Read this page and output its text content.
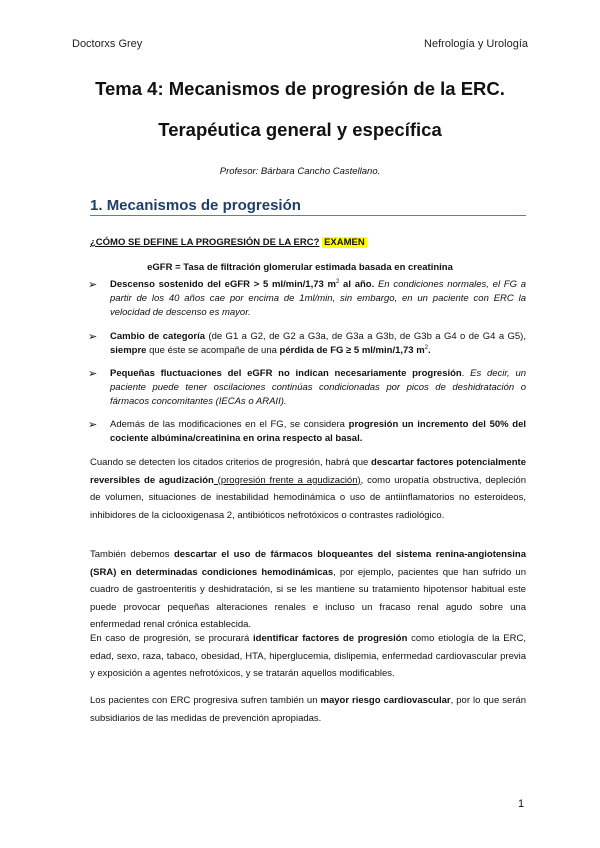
Doctorxs Grey	Nefrología y Urología
Tema 4: Mecanismos de progresión de la ERC.
Terapéutica general y específica
Profesor: Bárbara Cancho Castellano.
1. Mecanismos de progresión
¿CÓMO SE DEFINE LA PROGRESIÓN DE LA ERC? EXAMEN
eGFR = Tasa de filtración glomerular estimada basada en creatinina
➢ Descenso sostenido del eGFR > 5 ml/min/1,73 $m^2$ al año. En condiciones normales, el FG a partir de los 40 años cae por encima de 1ml/min, sin embargo, en un paciente con ERC la velocidad de descenso es mayor.
➢ Cambio de categoría (de G1 a G2, de G2 a G3a, de G3a a G3b, de G3b a G4 o de G4 a G5), siempre que éste se acompañe de una pérdida de FG ≥ 5 ml/min/1,73 $m^2$.
➢ Pequeñas fluctuaciones del eGFR no indican necesariamente progresión. Es decir, un paciente puede tener oscilaciones continúas condicionadas por picos de deshidratación o fármacos concomitantes (IECAs o ARAII).
➢ Además de las modificaciones en el FG, se considera progresión un incremento del 50% del cociente albúmina/creatinina en orina respecto al basal.
Cuando se detecten los citados criterios de progresión, habrá que descartar factores potencialmente reversibles de agudización (progresión frente a agudización), como uropatía obstructiva, depleción de volumen, situaciones de inestabilidad hemodinámica o uso de antiinflamatorios no esteroideos, inhibidores de la ciclooxigenasa 2, antibióticos nefrotóxicos o contrastes radiológico.
También debemos descartar el uso de fármacos bloqueantes del sistema renina-angiotensina (SRA) en determinadas condiciones hemodinámicas, por ejemplo, pacientes que han sufrido un cuadro de gastroenteritis y deshidratación, si se les mantiene su tratamiento hipotensor habitual este puede provocar pequeñas alteraciones renales e incluso un fracaso renal agudo sobre una enfermedad renal crónica establecida.
En caso de progresión, se procurará identificar factores de progresión como etiología de la ERC, edad, sexo, raza, tabaco, obesidad, HTA, hiperglucemia, dislipemia, enfermedad cardiovascular previa y exposición a agentes nefrotóxicos, y se tratarán aquellos modificables.
Los pacientes con ERC progresiva sufren también un mayor riesgo cardiovascular, por lo que serán subsidiarios de las medidas de prevención apropiadas.
1
